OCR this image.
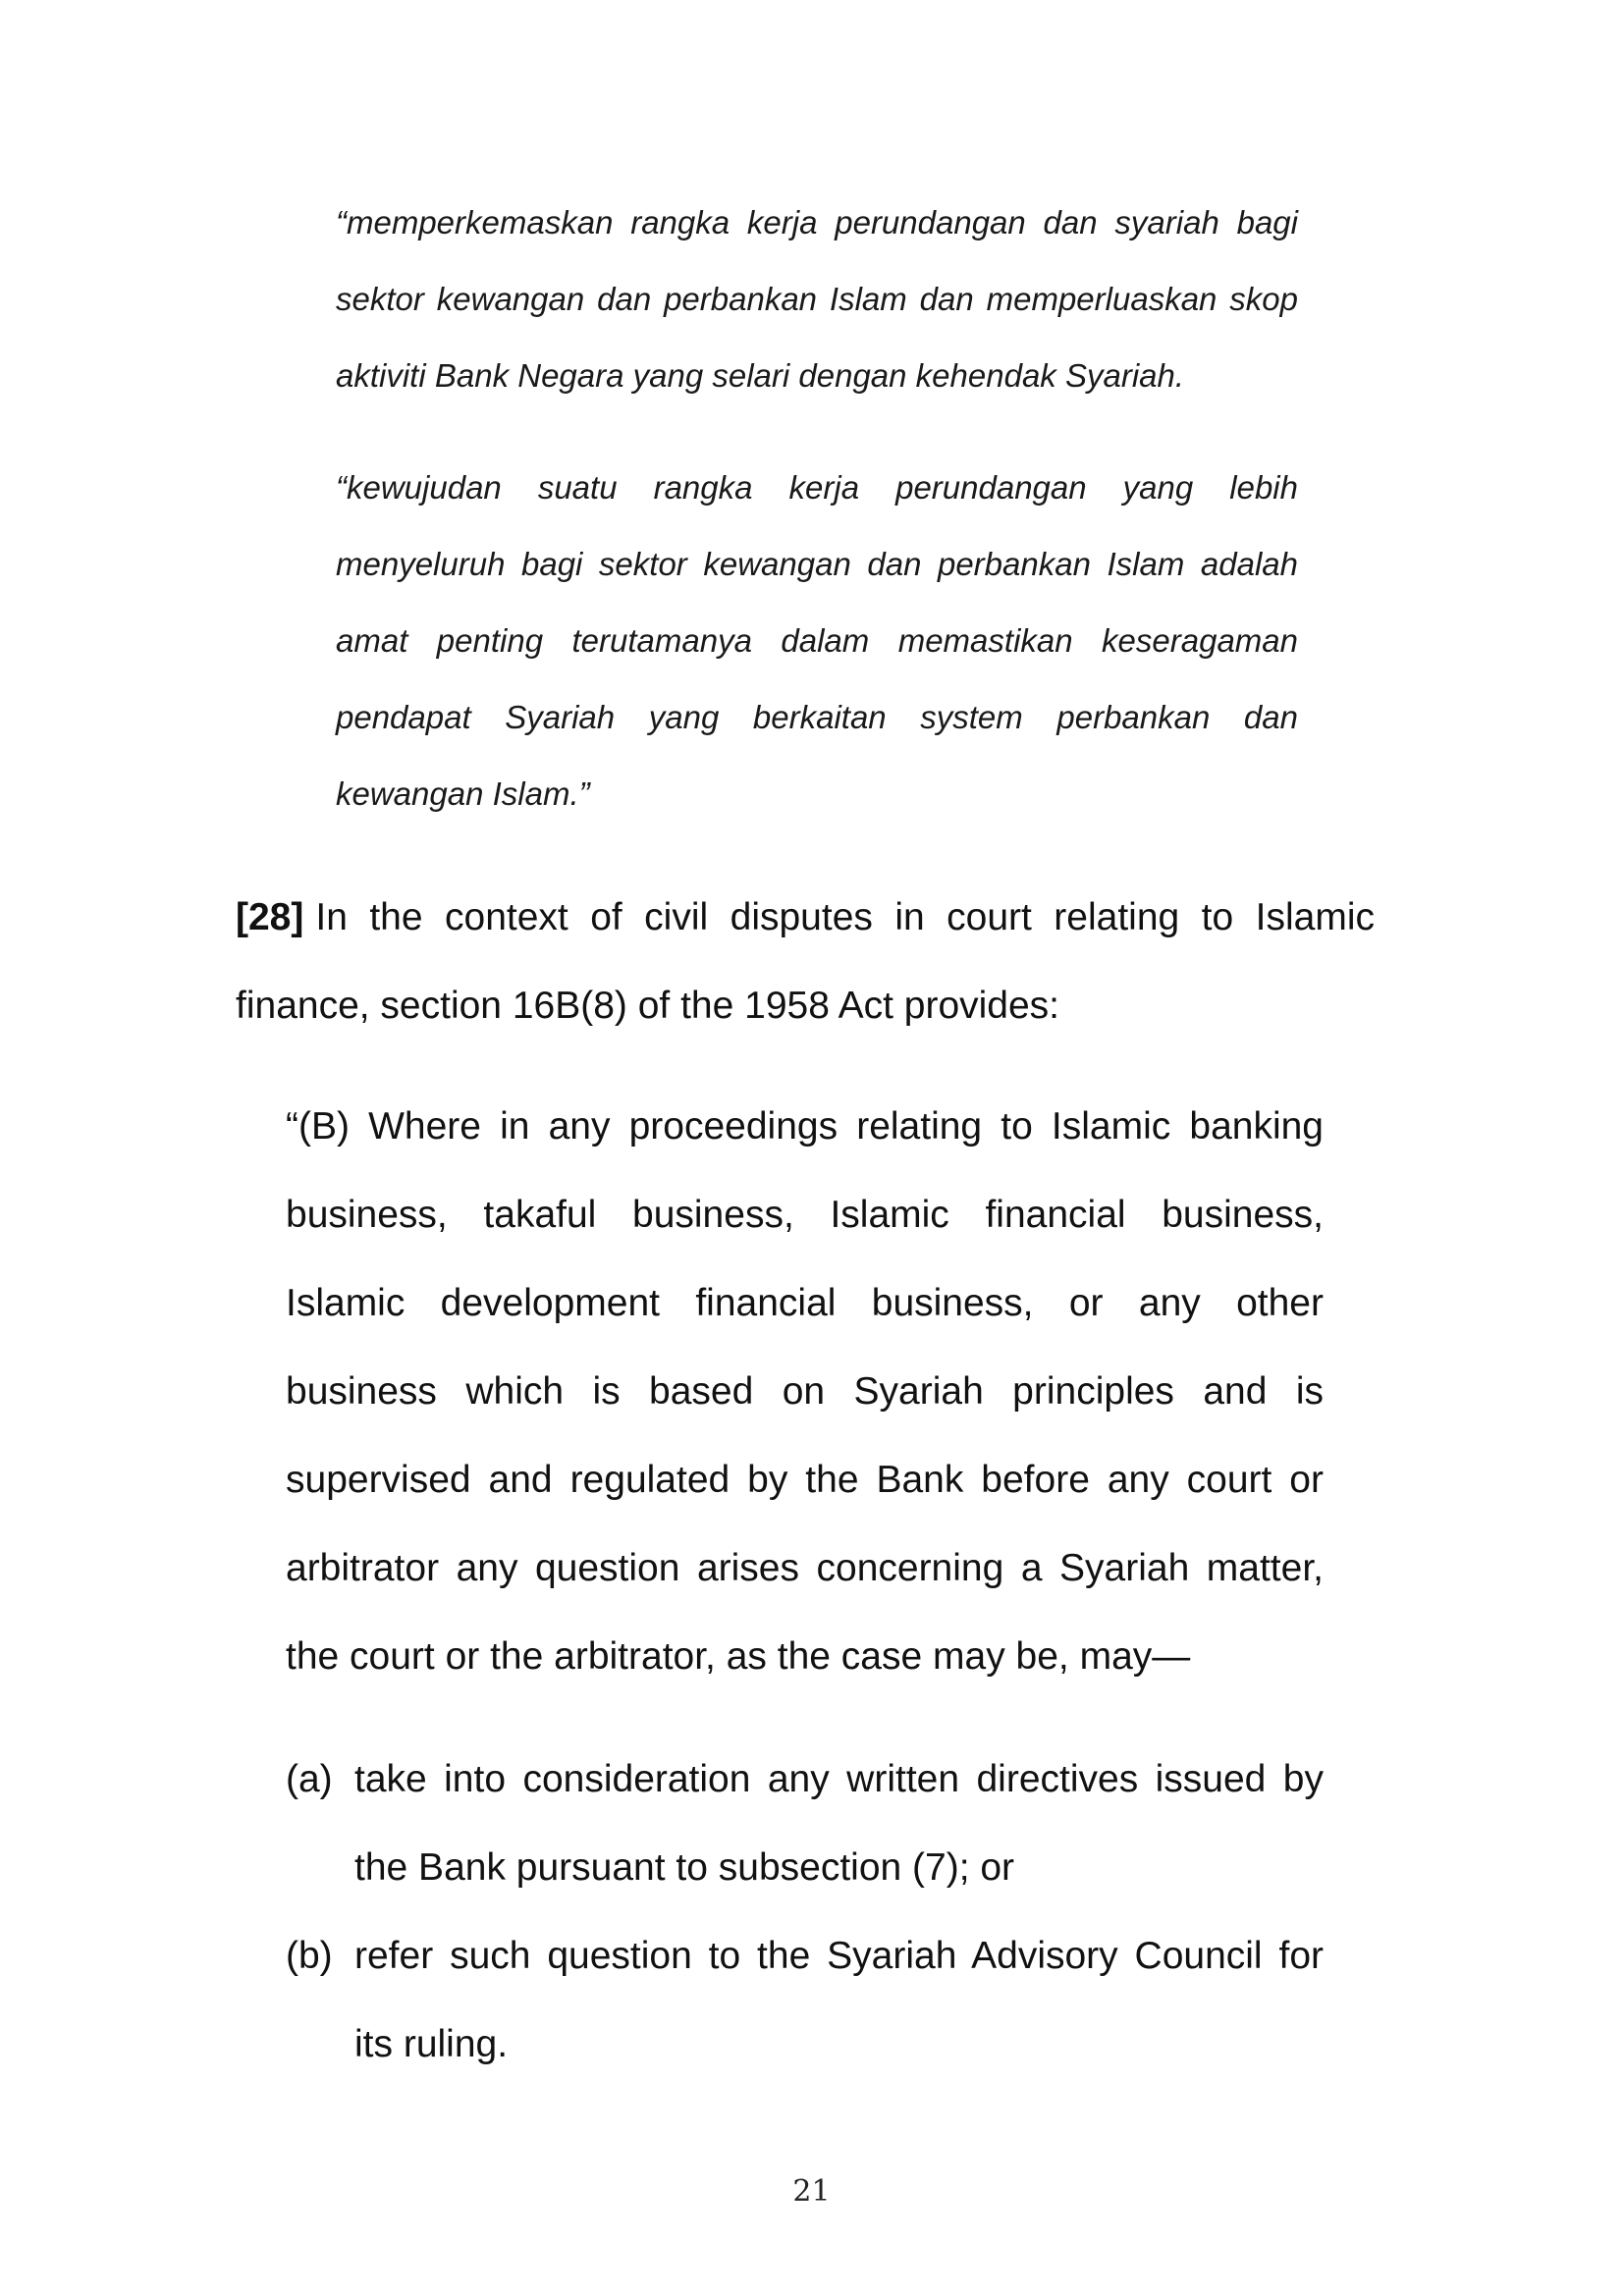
“memperkemaskan rangka kerja perundangan dan syariah bagi
sektor kewangan dan perbankan Islam dan memperluaskan skop
aktiviti Bank Negara yang selari dengan kehendak Syariah.
“kewujudan suatu rangka kerja perundangan yang lebih
menyeluruh bagi sektor kewangan dan perbankan Islam adalah
amat penting terutamanya dalam memastikan keseragaman
pendapat Syariah yang berkaitan system perbankan dan
kewangan Islam.”
[28] In the context of civil disputes in court relating to Islamic
finance, section 16B(8) of the 1958 Act provides:
“(B) Where in any proceedings relating to Islamic banking
business, takaful business, Islamic financial business,
Islamic development financial business, or any other
business which is based on Syariah principles and is
supervised and regulated by the Bank before any court or
arbitrator any question arises concerning a Syariah matter,
the court or the arbitrator, as the case may be, may—
(a) take into consideration any written directives issued by
the Bank pursuant to subsection (7); or
(b) refer such question to the Syariah Advisory Council for
its ruling.
21
